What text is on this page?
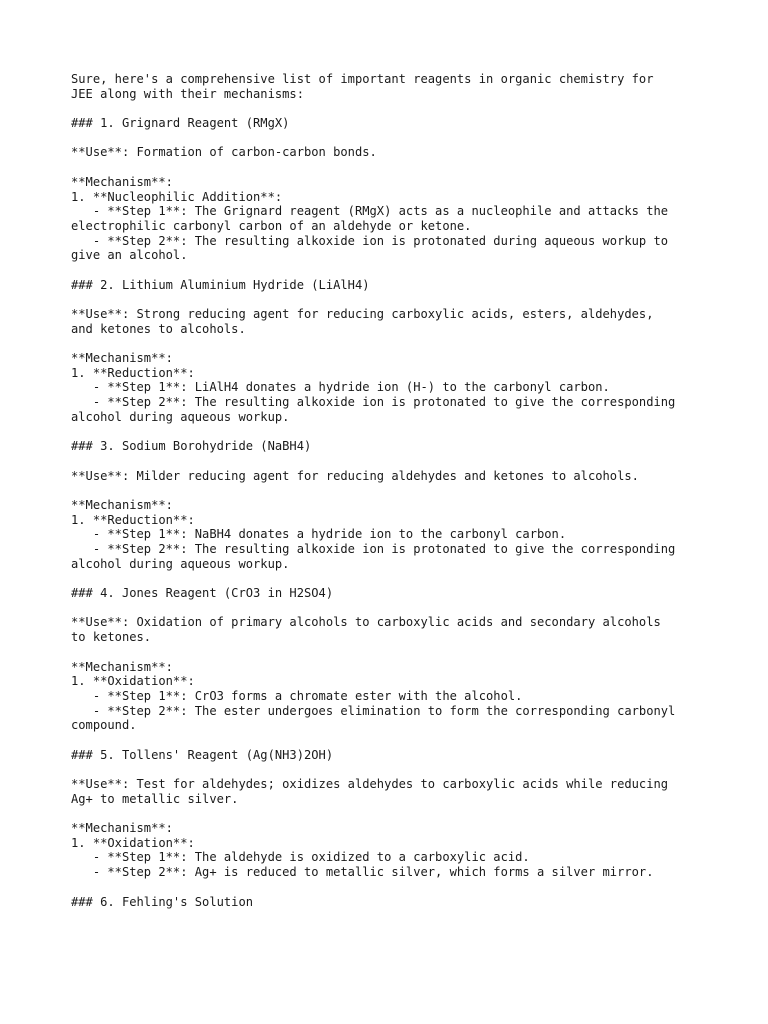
Sure, here's a comprehensive list of important reagents in organic chemistry for
JEE along with their mechanisms:
### 1. Grignard Reagent (RMgX)
**Use**: Formation of carbon-carbon bonds.
**Mechanism**:
1. **Nucleophilic Addition**:
- **Step 1**: The Grignard reagent (RMgX) acts as a nucleophile and attacks the
electrophilic carbonyl carbon of an aldehyde or ketone.
- **Step 2**: The resulting alkoxide ion is protonated during aqueous workup to
give an alcohol.
### 2. Lithium Aluminium Hydride (LiAlH4)
**Use**: Strong reducing agent for reducing carboxylic acids, esters, aldehydes,
and ketones to alcohols.
**Mechanism**:
1. **Reduction**:
- **Step 1**: LiAlH4 donates a hydride ion (H-) to the carbonyl carbon.
- **Step 2**: The resulting alkoxide ion is protonated to give the corresponding
alcohol during aqueous workup.
### 3. Sodium Borohydride (NaBH4)
**Use**: Milder reducing agent for reducing aldehydes and ketones to alcohols.
**Mechanism**:
1. **Reduction**:
- **Step 1**: NaBH4 donates a hydride ion to the carbonyl carbon.
- **Step 2**: The resulting alkoxide ion is protonated to give the corresponding
alcohol during aqueous workup.
### 4. Jones Reagent (CrO3 in H2SO4)
**Use**: Oxidation of primary alcohols to carboxylic acids and secondary alcohols
to ketones.
**Mechanism**:
1. **Oxidation**:
- **Step 1**: CrO3 forms a chromate ester with the alcohol.
- **Step 2**: The ester undergoes elimination to form the corresponding carbonyl
compound.
### 5. Tollens' Reagent (Ag(NH3)2OH)
**Use**: Test for aldehydes; oxidizes aldehydes to carboxylic acids while reducing
Ag+ to metallic silver.
**Mechanism**:
1. **Oxidation**:
- **Step 1**: The aldehyde is oxidized to a carboxylic acid.
- **Step 2**: Ag+ is reduced to metallic silver, which forms a silver mirror.
### 6. Fehling's Solution
